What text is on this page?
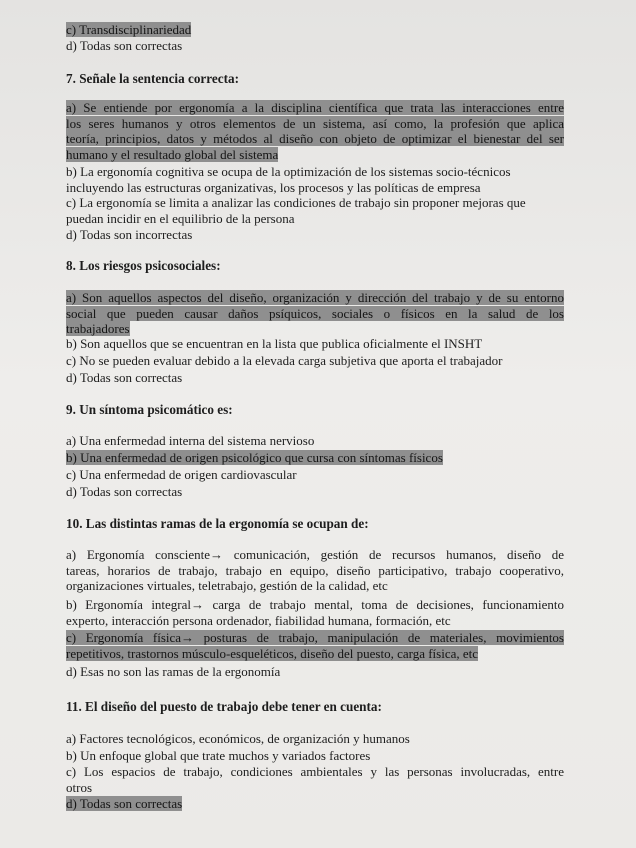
c) Transdisciplinariedad
d) Todas son correctas
7. Señale la sentencia correcta:
a) Se entiende por ergonomía a la disciplina científica que trata las interacciones entre
los seres humanos y otros elementos de un sistema, así como, la profesión que aplica
teoría, principios, datos y métodos al diseño con objeto de optimizar el bienestar del ser
humano y el resultado global del sistema
b) La ergonomía cognitiva se ocupa de la optimización de los sistemas socio-técnicos
incluyendo las estructuras organizativas, los procesos y las políticas de empresa
c) La ergonomía se limita a analizar las condiciones de trabajo sin proponer mejoras que
puedan incidir en el equilibrio de la persona
d) Todas son incorrectas
8. Los riesgos psicosociales:
a) Son aquellos aspectos del diseño, organización y dirección del trabajo y de su entorno
social que pueden causar daños psíquicos, sociales o físicos en la salud de los
trabajadores
b) Son aquellos que se encuentran en la lista que publica oficialmente el INSHT
c) No se pueden evaluar debido a la elevada carga subjetiva que aporta el trabajador
d) Todas son correctas
9. Un síntoma psicomático es:
a) Una enfermedad interna del sistema nervioso
b) Una enfermedad de origen psicológico que cursa con síntomas físicos
c) Una enfermedad de origen cardiovascular
d) Todas son correctas
10. Las distintas ramas de la ergonomía se ocupan de:
a) Ergonomía consciente→ comunicación, gestión de recursos humanos, diseño de
tareas, horarios de trabajo, trabajo en equipo, diseño participativo, trabajo cooperativo,
organizaciones virtuales, teletrabajo, gestión de la calidad, etc
b) Ergonomía integral→ carga de trabajo mental, toma de decisiones, funcionamiento
experto, interacción persona ordenador, fiabilidad humana, formación, etc
c) Ergonomía física→ posturas de trabajo, manipulación de materiales, movimientos
repetitivos, trastornos músculo-esqueléticos, diseño del puesto, carga física, etc
d) Esas no son las ramas de la ergonomía
11. El diseño del puesto de trabajo debe tener en cuenta:
a) Factores tecnológicos, económicos, de organización y humanos
b) Un enfoque global que trate muchos y variados factores
c) Los espacios de trabajo, condiciones ambientales y las personas involucradas, entre
otros
d) Todas son correctas
